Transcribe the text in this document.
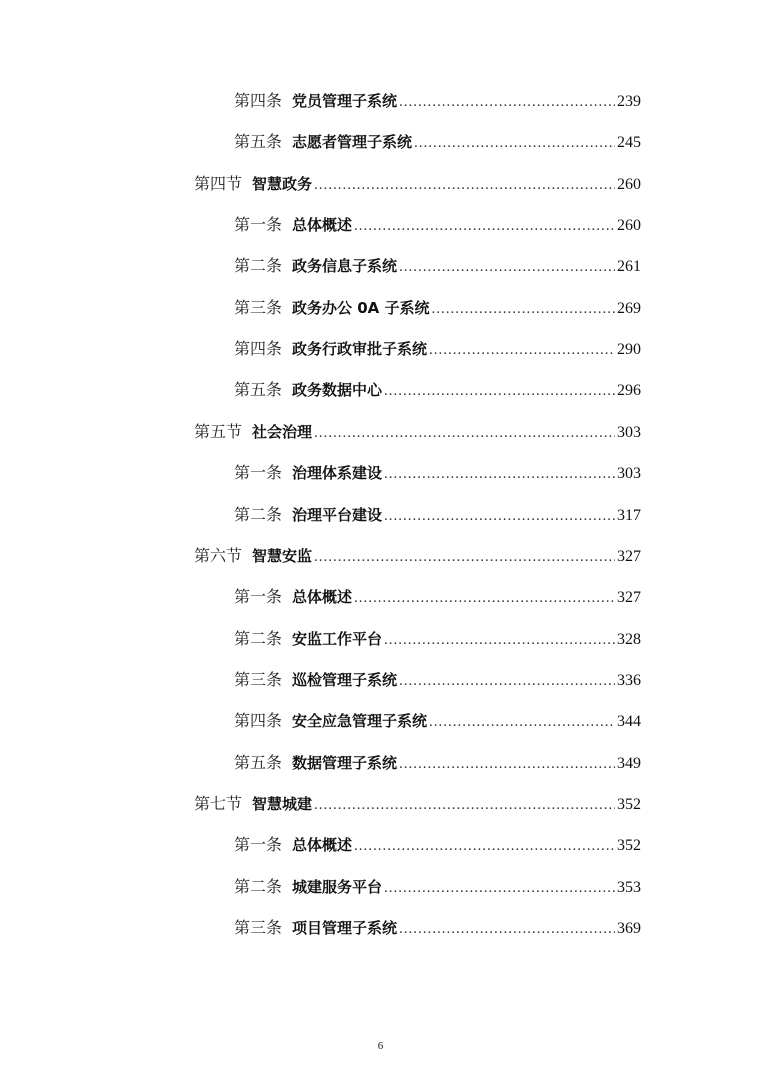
第四条 党员管理子系统 .....	239
第五条 志愿者管理子系统 .....	245
第四节 智慧政务 .....	260
第一条 总体概述 .....	260
第二条 政务信息子系统 .....	261
第三条 政务办公 0A 子系统 .....	269
第四条 政务行政审批子系统 .....	290
第五条 政务数据中心 .....	296
第五节 社会治理 .....	303
第一条 治理体系建设 .....	303
第二条 治理平台建设 .....	317
第六节 智慧安监 .....	327
第一条 总体概述 .....	327
第二条 安监工作平台 .....	328
第三条 巡检管理子系统 .....	336
第四条 安全应急管理子系统 .....	344
第五条 数据管理子系统 .....	349
第七节 智慧城建 .....	352
第一条 总体概述 .....	352
第二条 城建服务平台 .....	353
第三条 项目管理子系统 .....	369
6
